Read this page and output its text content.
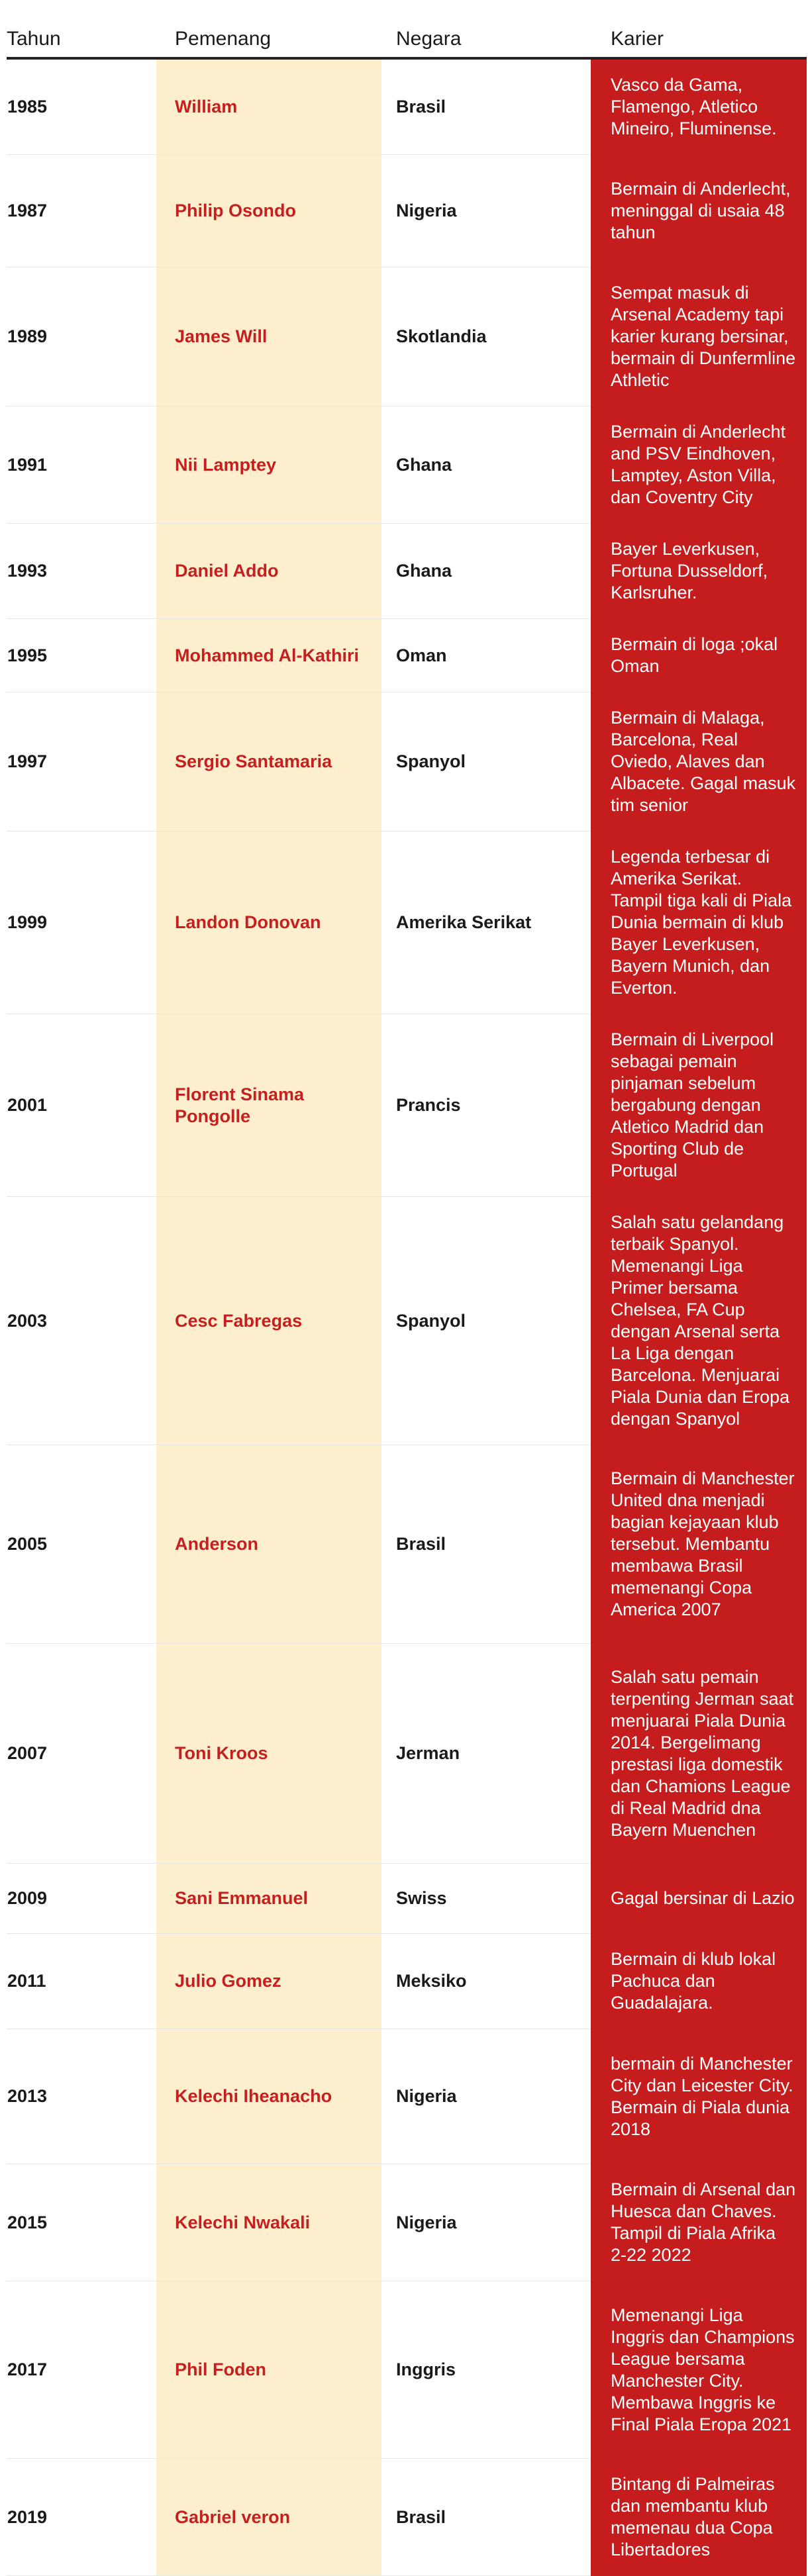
Tahun	Pemenang	Negara	Karier
1985	William	Brasil	Vasco da Gama, Flamengo, Atletico Mineiro, Fluminense.
1987	Philip Osondo	Nigeria	Bermain di Anderlecht, meninggal di usaia 48 tahun
1989	James Will	Skotlandia	Sempat masuk di Arsenal Academy tapi karier kurang bersinar, bermain di Dunfermline Athletic
1991	Nii Lamptey	Ghana	Bermain di Anderlecht and PSV Eindhoven, Lamptey, Aston Villa, dan Coventry City
1993	Daniel Addo	Ghana	Bayer Leverkusen, Fortuna Dusseldorf, Karlsruher.
1995	Mohammed Al-Kathiri	Oman	Bermain di loga ;okal Oman
1997	Sergio Santamaria	Spanyol	Bermain di Malaga, Barcelona, Real Oviedo, Alaves dan Albacete. Gagal masuk tim senior
1999	Landon Donovan	Amerika Serikat	Legenda terbesar di Amerika Serikat. Tampil tiga kali di Piala Dunia bermain di klub Bayer Leverkusen, Bayern Munich, dan Everton.
2001	Florent Sinama Pongolle	Prancis	Bermain di Liverpool sebagai pemain pinjaman sebelum bergabung dengan Atletico Madrid dan Sporting Club de Portugal
2003	Cesc Fabregas	Spanyol	Salah satu gelandang terbaik Spanyol. Memenangi Liga Primer bersama Chelsea, FA Cup dengan Arsenal serta La Liga dengan Barcelona. Menjuarai Piala Dunia dan Eropa dengan Spanyol
2005	Anderson	Brasil	Bermain di Manchester United dna menjadi bagian kejayaan klub tersebut. Membantu membawa Brasil memenangi Copa America 2007
2007	Toni Kroos	Jerman	Salah satu pemain terpenting Jerman saat menjuarai Piala Dunia 2014. Bergelimang prestasi liga domestik dan Chamions League di Real Madrid dna Bayern Muenchen
2009	Sani Emmanuel	Swiss	Gagal bersinar di Lazio
2011	Julio Gomez	Meksiko	Bermain di klub lokal Pachuca dan Guadalajara.
2013	Kelechi Iheanacho	Nigeria	bermain di Manchester City dan Leicester City. Bermain di Piala dunia 2018
2015	Kelechi Nwakali	Nigeria	Bermain di Arsenal dan Huesca dan Chaves. Tampil di Piala Afrika 2-22 2022
2017	Phil Foden	Inggris	Memenangi Liga Inggris dan Champions League bersama Manchester City. Membawa Inggris ke Final Piala Eropa 2021
2019	Gabriel veron	Brasil	Bintang di Palmeiras dan membantu klub memenau dua Copa Libertadores
